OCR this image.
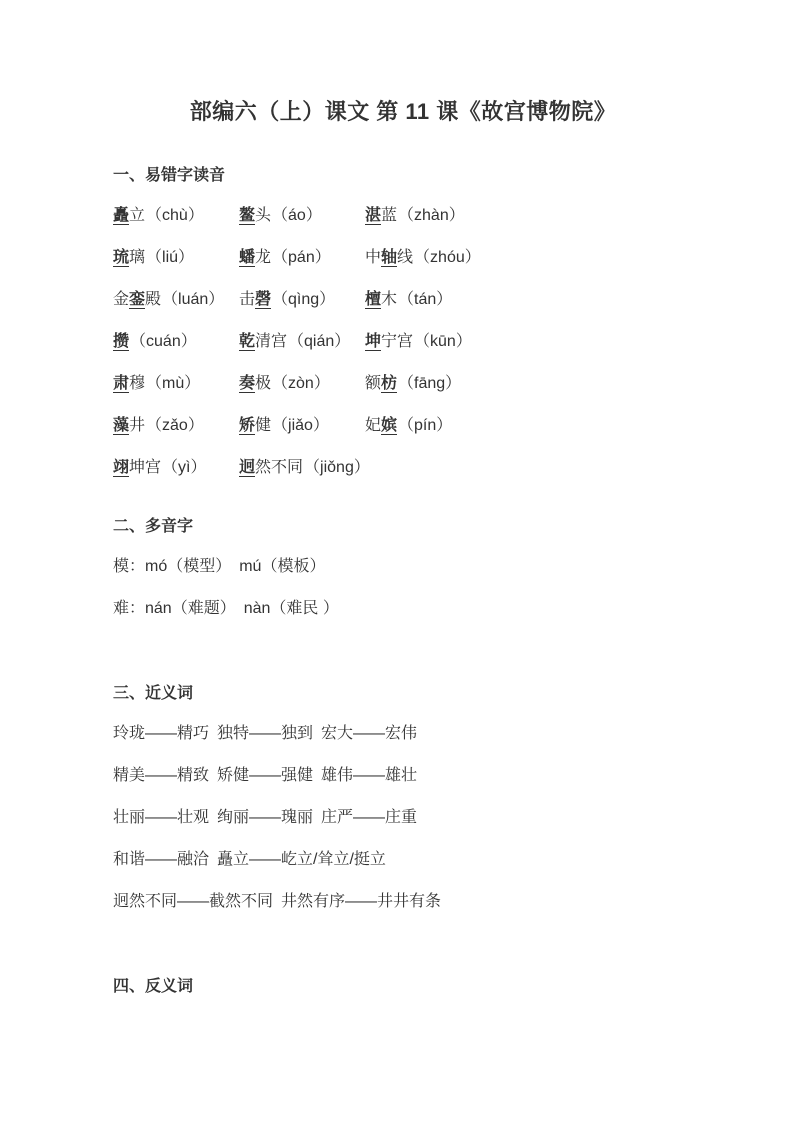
部编六（上）课文 第 11 课《故宫博物院》
一、易错字读音
矗立（chù） 鳌头（áo）	湛蓝（zhàn）
琉璃（liú）	蟠龙（pán） 中轴线（zhóu）
金銮殿（luán） 击磬（qìng） 檀木（tán）
攒（cuán）	乾清宫（qián） 坤宁宫（kūn）
肃穆（mù） 奏极（zòn） 额枋（fāng）
藻井（zǎo） 矫健（jiǎo） 妃嫔（pín）
翊坤宫（yì） 迥然不同（jiǒng）
二、多音字
模：mó（模型） mú（模板）
难：nán（难题） nàn（难民 ）
三、近义词
玲珑——精巧 独特——独到 宏大——宏伟
精美——精致 矫健——强健 雄伟——雄壮
壮丽——壮观 绚丽——瑰丽 庄严——庄重
和谐——融洽 矗立——屹立/耸立/挺立
迥然不同——截然不同 井然有序——井井有条
四、反义词
